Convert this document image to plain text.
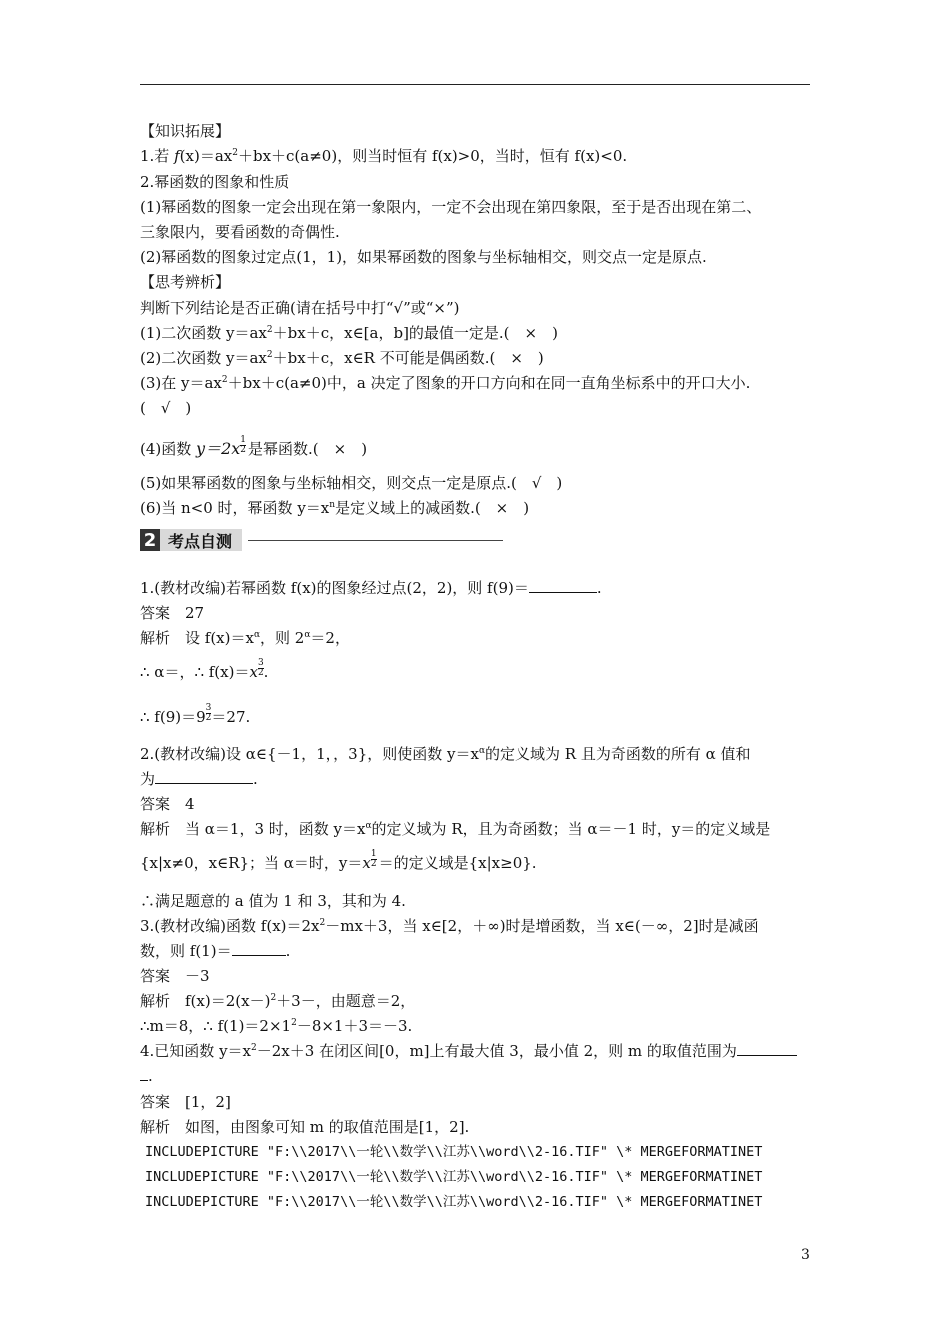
【知识拓展】
1.若 $f(x)=ax^2+bx+c(a\ne 0)$，则当时恒有 f(x)>0，当时，恒有 f(x)<0.
2.幂函数的图象和性质
(1)幂函数的图象一定会出现在第一象限内，一定不会出现在第四象限，至于是否出现在第二、
三象限内，要看函数的奇偶性.
(2)幂函数的图象过定点(1，1)，如果幂函数的图象与坐标轴相交，则交点一定是原点.
【思考辨析】
判断下列结论是否正确(请在括号中打“√”或“×”)
(1)二次函数 $y=ax^2+bx+c$，x∈[a，b]的最值一定是.(　×　)
(2)二次函数 $y=ax^2+bx+c$，x∈R 不可能是偶函数.(　×　)
(3)在 $y=ax^2+bx+c(a\ne 0)$中，a 决定了图象的开口方向和在同一直角坐标系中的开口大小.
(　√　)
(4)函数 $y=2x \frac{1}{2}$ 是幂函数.(　×　)
(5)如果幂函数的图象与坐标轴相交，则交点一定是原点.(　√　)
(6)当 n<0 时，幂函数 $y=x^n$是定义域上的减函数.(　×　)
2 考点自测
1.(教材改编)若幂函数 f(x)的图象经过点(2，2)，则 f(9)＝	.
答案　27
解析　设 $f(x)=x^\alpha$，则 $2^\alpha=2$，
∴ α＝，∴ $f(x)=x \frac{3}{2}$ .
∴ $f(9)=9 \frac{3}{2} =27$.
2.(教材改编)设 α∈{－1，1，，3}，则使函数 $y=x^\alpha$的定义域为 R 且为奇函数的所有 α 值和
为	.
答案　4
解析　当 α＝1，3 时，函数 $y=x^\alpha$的定义域为 R，且为奇函数；当 α＝－1 时，y＝的定义域是
{x|x≠0，x∈R}；当 α＝时，$y=x \frac{1}{2}$ ＝的定义域是{x|x≥0}.
∴满足题意的 a 值为 1 和 3，其和为 4.
3.(教材改编)函数 $f(x)=2x^2-mx+3$，当 x∈[2，＋∞)时是增函数，当 x∈(－∞，2]时是减函
数，则 f(1)＝	.
答案　－3
解析　$f(x)=2(x-)^2+3-$，由题意＝2，
∴m＝8，∴ $f(1)=2\times 1^2-8\times 1+3=-3$.
4.已知函数 $y=x^2-2x+3$ 在闭区间[0，m]上有最大值 3，最小值 2，则 m 的取值范围为
.
答案　[1，2]
解析　如图，由图象可知 m 的取值范围是[1，2].
INCLUDEPICTURE "F:\\2017\\一轮\\数学\\江苏\\word\\2-16.TIF" \* MERGEFORMATINET
INCLUDEPICTURE "F:\\2017\\一轮\\数学\\江苏\\word\\2-16.TIF" \* MERGEFORMATINET
INCLUDEPICTURE "F:\\2017\\一轮\\数学\\江苏\\word\\2-16.TIF" \* MERGEFORMATINET
3
